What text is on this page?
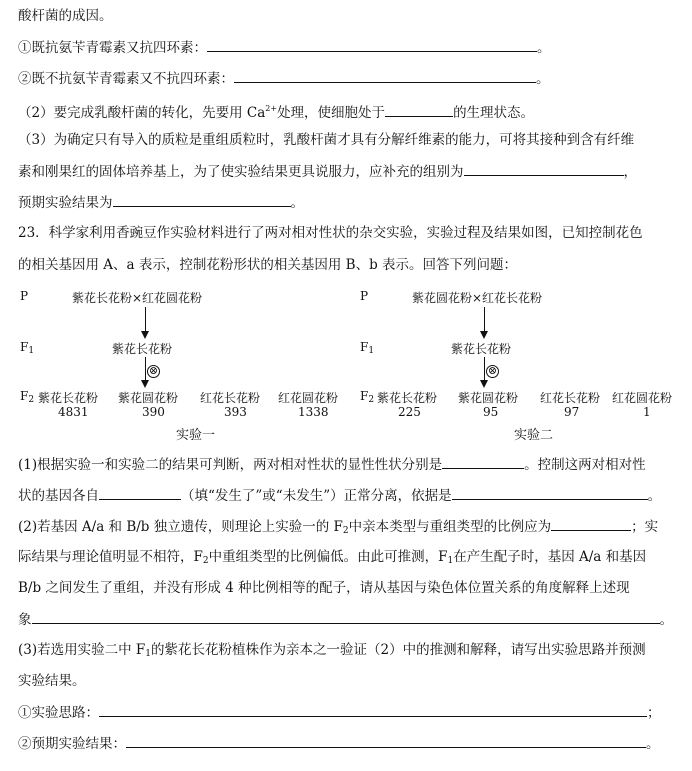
酸杆菌的成因。
①既抗氨苄青霉素又抗四环素：	。
②既不抗氨苄青霉素又不抗四环素：	。
（2）要完成乳酸杆菌的转化，先要用 $Ca^{2+}$处理，使细胞处于	的生理状态。
（3）为确定只有导入的质粒是重组质粒时，乳酸杆菌才具有分解纤维素的能力，可将其接种到含有纤维
素和刚果红的固体培养基上，为了使实验结果更具说服力，应补充的组别为	，
预期实验结果为	。
23．科学家利用香豌豆作实验材料进行了两对相对性状的杂交实验，实验过程及结果如图，已知控制花色
的相关基因用 A、a 表示，控制花粉形状的相关基因用 B、b 表示。回答下列问题：
P	紫花长花粉×红花圆花粉
$F_1$	紫花长花粉
⊗
$F_2$ 紫花长花粉 紫花圆花粉 红花长花粉 红花圆花粉
4831	390	393	1338
实验一
P	紫花圆花粉×红花长花粉
$F_1$	紫花长花粉
⊗
$F_2$ 紫花长花粉 紫花圆花粉 红花长花粉 红花圆花粉
225	95	97	1
实验二
(1)根据实验一和实验二的结果可判断，两对相对性状的显性性状分别是	。控制这两对相对性
状的基因各自	（填“发生了”或“未发生”）正常分离，依据是	。
(2)若基因 A/a 和 B/b 独立遗传，则理论上实验一的 $F_2$中亲本类型与重组类型的比例应为	；实
际结果与理论值明显不相符，$F_2$中重组类型的比例偏低。由此可推测，$F_1$在产生配子时，基因 A/a 和基因
B/b 之间发生了重组，并没有形成 4 种比例相等的配子，请从基因与染色体位置关系的角度解释上述现
象	。
(3)若选用实验二中 $F_1$的紫花长花粉植株作为亲本之一验证（2）中的推测和解释，请写出实验思路并预测
实验结果。
①实验思路：	；
②预期实验结果：	。
